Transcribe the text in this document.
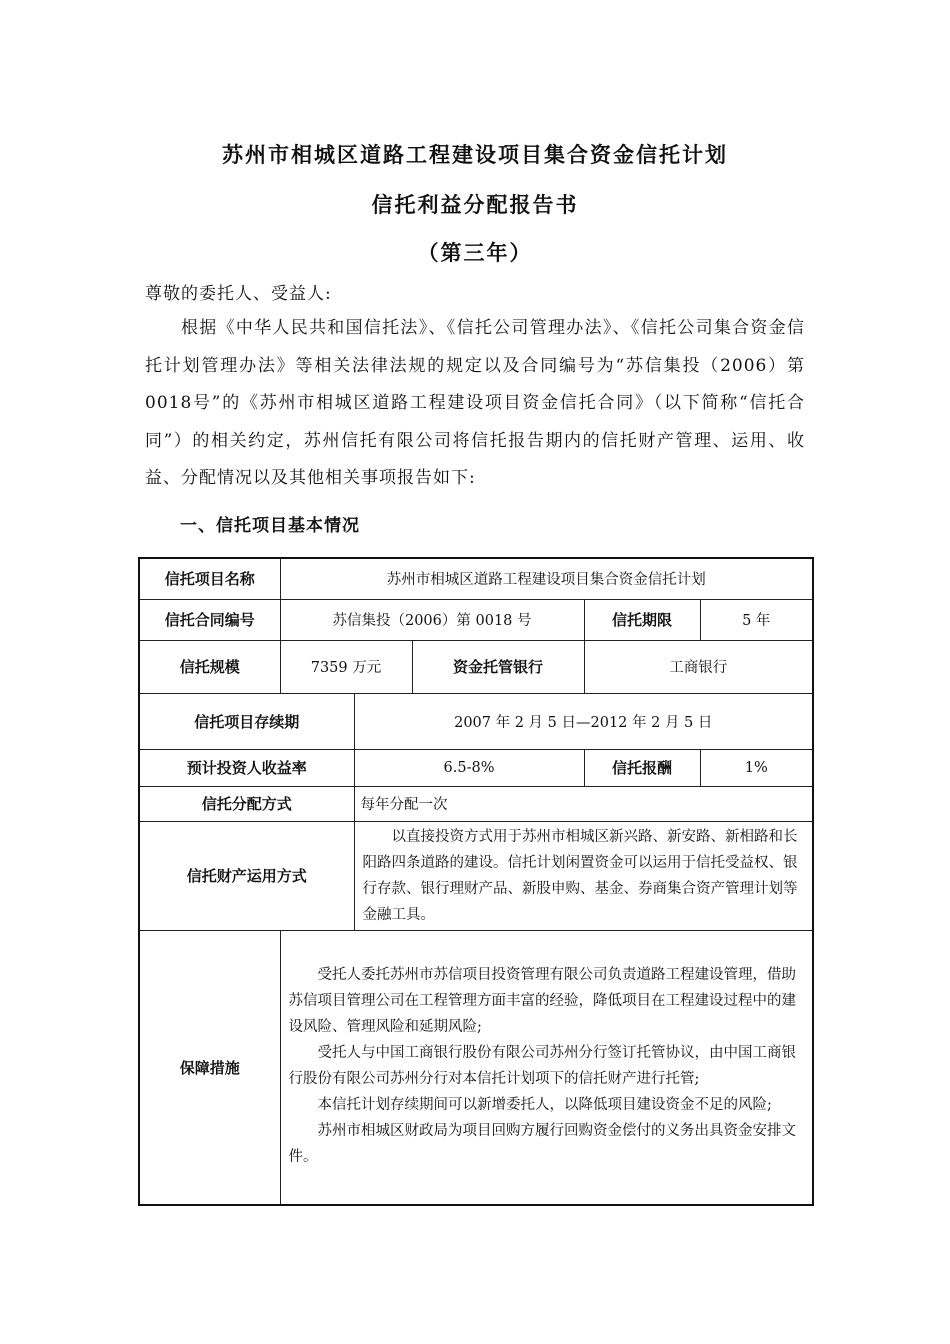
苏州市相城区道路工程建设项目集合资金信托计划
信托利益分配报告书
（第三年）
尊敬的委托人、受益人:

根据《中华人民共和国信托法》、《信托公司管理办法》、《信托公司集合资金信托计划管理办法》等相关法律法规的规定以及合同编号为“苏信集投（2006）第0018号”的《苏州市相城区道路工程建设项目资金信托合同》（以下简称“信托合同”）的相关约定，苏州信托有限公司将信托报告期内的信托财产管理、运用、收益、分配情况以及其他相关事项报告如下:

一、信托项目基本情况
信托项目名称	苏州市相城区道路工程建设项目集合资金信托计划				
信托合同编号	苏信集投（2006）第 0018 号			信托期限	5 年
信托规模	7359 万元		资金托管银行	工商银行	
信托项目存续期		2007 年 2 月 5 日—2012 年 2 月 5 日			
预计投资人收益率		6.5-8%		信托报酬	1%
信托分配方式		每年分配一次			
信托财产运用方式		以直接投资方式用于苏州市相城区新兴路、新安路、新相路和长阳路四条道路的建设。信托计划闲置资金可以运用于信托受益权、银行存款、银行理财产品、新股申购、基金、券商集合资产管理计划等金融工具。			
保障措施	受托人委托苏州市苏信项目投资管理有限公司负责道路工程建设管理，借助苏信项目管理公司在工程管理方面丰富的经验，降低项目在工程建设过程中的建设风险、管理风险和延期风险;

受托人与中国工商银行股份有限公司苏州分行签订托管协议，由中国工商银行股份有限公司苏州分行对本信托计划项下的信托财产进行托管;

本信托计划存续期间可以新增委托人，以降低项目建设资金不足的风险;

苏州市相城区财政局为项目回购方履行回购资金偿付的义务出具资金安排文件。				
